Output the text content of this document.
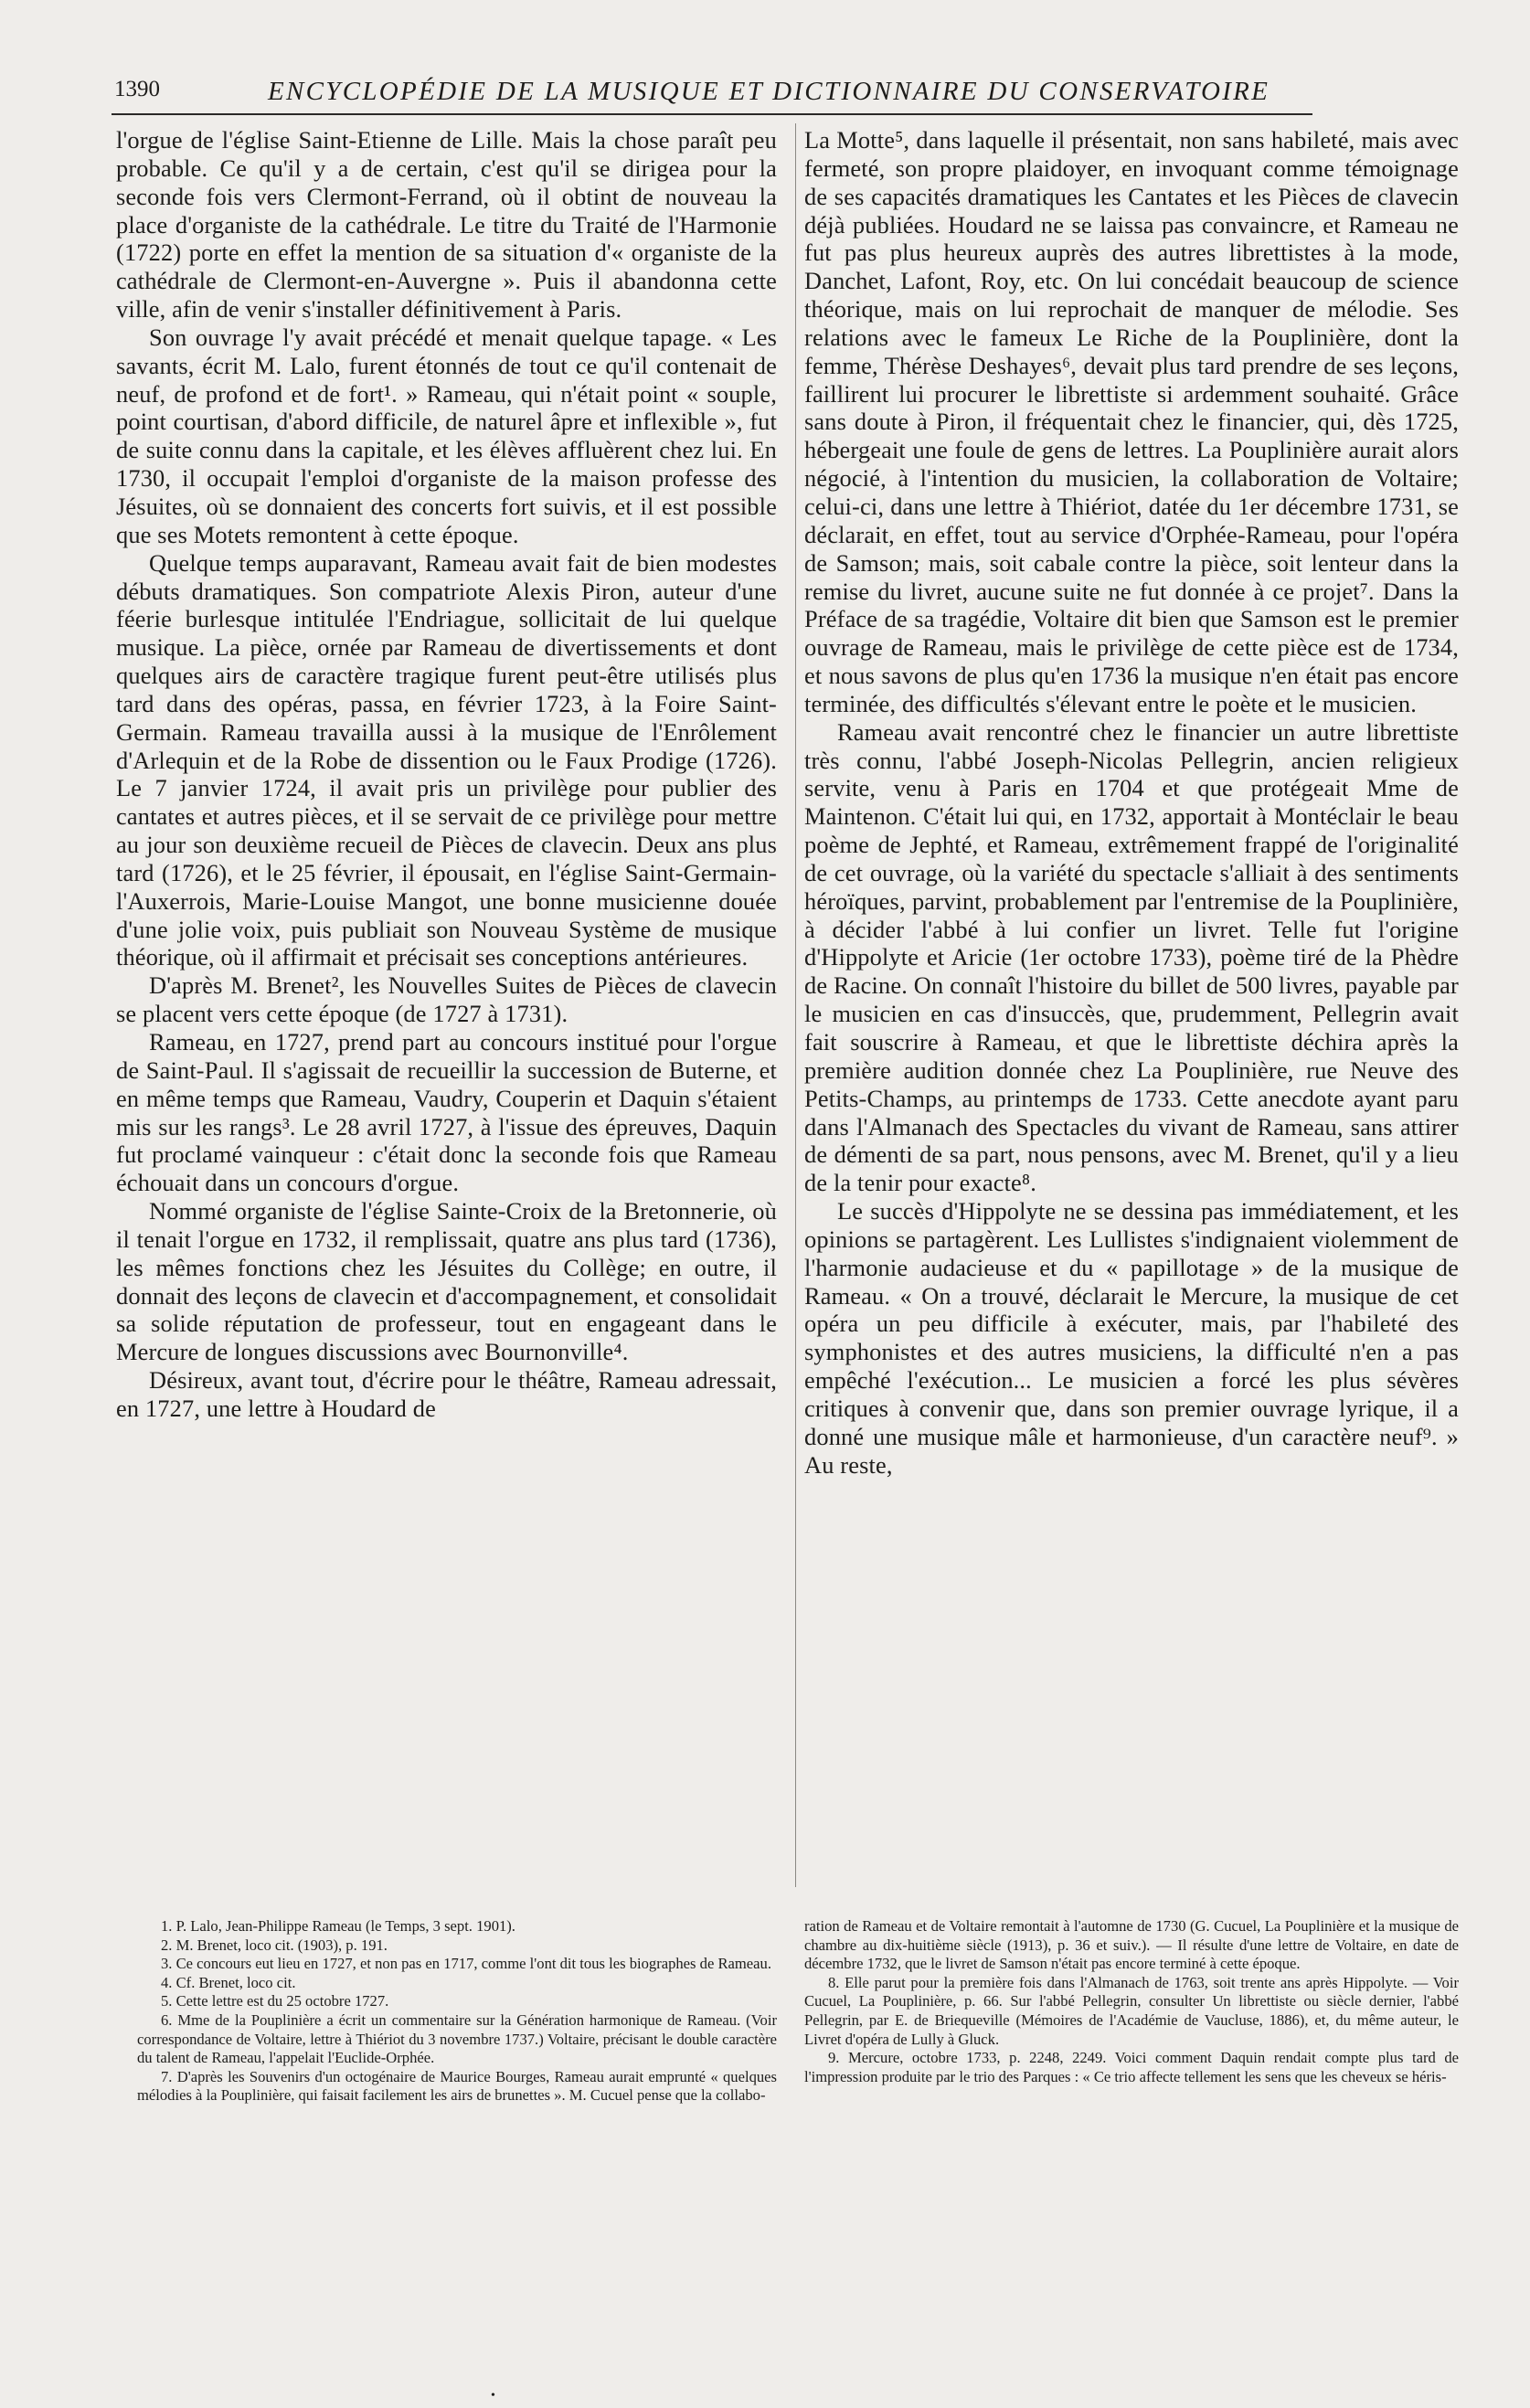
1390	ENCYCLOPÉDIE DE LA MUSIQUE ET DICTIONNAIRE DU CONSERVATOIRE

l'orgue de l'église Saint-Etienne de Lille. Mais la chose paraît peu probable. Ce qu'il y a de certain, c'est qu'il se dirigea pour la seconde fois vers Clermont-Ferrand, où il obtint de nouveau la place d'organiste de la cathédrale. Le titre du Traité de l'Harmonie (1722) porte en effet la mention de sa situation d'« organiste de la cathédrale de Clermont-en-Auvergne ». Puis il abandonna cette ville, afin de venir s'installer définitivement à Paris.

Son ouvrage l'y avait précédé et menait quelque tapage. « Les savants, écrit M. Lalo, furent étonnés de tout ce qu'il contenait de neuf, de profond et de fort¹. » Rameau, qui n'était point « souple, point courtisan, d'abord difficile, de naturel âpre et inflexible », fut de suite connu dans la capitale, et les élèves affluèrent chez lui. En 1730, il occupait l'emploi d'organiste de la maison professe des Jésuites, où se donnaient des concerts fort suivis, et il est possible que ses Motets remontent à cette époque.

Quelque temps auparavant, Rameau avait fait de bien modestes débuts dramatiques. Son compatriote Alexis Piron, auteur d'une féerie burlesque intitulée l'Endriague, sollicitait de lui quelque musique. La pièce, ornée par Rameau de divertissements et dont quelques airs de caractère tragique furent peut-être utilisés plus tard dans des opéras, passa, en février 1723, à la Foire Saint-Germain. Rameau travailla aussi à la musique de l'Enrôlement d'Arlequin et de la Robe de dissention ou le Faux Prodige (1726). Le 7 janvier 1724, il avait pris un privilège pour publier des cantates et autres pièces, et il se servait de ce privilège pour mettre au jour son deuxième recueil de Pièces de clavecin. Deux ans plus tard (1726), et le 25 février, il épousait, en l'église Saint-Germain-l'Auxerrois, Marie-Louise Mangot, une bonne musicienne douée d'une jolie voix, puis publiait son Nouveau Système de musique théorique, où il affirmait et précisait ses conceptions antérieures.

D'après M. Brenet², les Nouvelles Suites de Pièces de clavecin se placent vers cette époque (de 1727 à 1731).

Rameau, en 1727, prend part au concours institué pour l'orgue de Saint-Paul. Il s'agissait de recueillir la succession de Buterne, et en même temps que Rameau, Vaudry, Couperin et Daquin s'étaient mis sur les rangs³. Le 28 avril 1727, à l'issue des épreuves, Daquin fut proclamé vainqueur : c'était donc la seconde fois que Rameau échouait dans un concours d'orgue.

Nommé organiste de l'église Sainte-Croix de la Bretonnerie, où il tenait l'orgue en 1732, il remplissait, quatre ans plus tard (1736), les mêmes fonctions chez les Jésuites du Collège; en outre, il donnait des leçons de clavecin et d'accompagnement, et consolidait sa solide réputation de professeur, tout en engageant dans le Mercure de longues discussions avec Bournonville⁴.

Désireux, avant tout, d'écrire pour le théâtre, Rameau adressait, en 1727, une lettre à Houdard de

La Motte⁵, dans laquelle il présentait, non sans habileté, mais avec fermeté, son propre plaidoyer, en invoquant comme témoignage de ses capacités dramatiques les Cantates et les Pièces de clavecin déjà publiées. Houdard ne se laissa pas convaincre, et Rameau ne fut pas plus heureux auprès des autres librettistes à la mode, Danchet, Lafont, Roy, etc. On lui concédait beaucoup de science théorique, mais on lui reprochait de manquer de mélodie. Ses relations avec le fameux Le Riche de la Pouplinière, dont la femme, Thérèse Deshayes⁶, devait plus tard prendre de ses leçons, faillirent lui procurer le librettiste si ardemment souhaité. Grâce sans doute à Piron, il fréquentait chez le financier, qui, dès 1725, hébergeait une foule de gens de lettres. La Pouplinière aurait alors négocié, à l'intention du musicien, la collaboration de Voltaire; celui-ci, dans une lettre à Thiériot, datée du 1er décembre 1731, se déclarait, en effet, tout au service d'Orphée-Rameau, pour l'opéra de Samson; mais, soit cabale contre la pièce, soit lenteur dans la remise du livret, aucune suite ne fut donnée à ce projet⁷. Dans la Préface de sa tragédie, Voltaire dit bien que Samson est le premier ouvrage de Rameau, mais le privilège de cette pièce est de 1734, et nous savons de plus qu'en 1736 la musique n'en était pas encore terminée, des difficultés s'élevant entre le poète et le musicien.

Rameau avait rencontré chez le financier un autre librettiste très connu, l'abbé Joseph-Nicolas Pellegrin, ancien religieux servite, venu à Paris en 1704 et que protégeait Mme de Maintenon. C'était lui qui, en 1732, apportait à Montéclair le beau poème de Jephté, et Rameau, extrêmement frappé de l'originalité de cet ouvrage, où la variété du spectacle s'alliait à des sentiments héroïques, parvint, probablement par l'entremise de la Pouplinière, à décider l'abbé à lui confier un livret. Telle fut l'origine d'Hippolyte et Aricie (1er octobre 1733), poème tiré de la Phèdre de Racine. On connaît l'histoire du billet de 500 livres, payable par le musicien en cas d'insuccès, que, prudemment, Pellegrin avait fait souscrire à Rameau, et que le librettiste déchira après la première audition donnée chez La Pouplinière, rue Neuve des Petits-Champs, au printemps de 1733. Cette anecdote ayant paru dans l'Almanach des Spectacles du vivant de Rameau, sans attirer de démenti de sa part, nous pensons, avec M. Brenet, qu'il y a lieu de la tenir pour exacte⁸.

Le succès d'Hippolyte ne se dessina pas immédiatement, et les opinions se partagèrent. Les Lullistes s'indignaient violemment de l'harmonie audacieuse et du « papillotage » de la musique de Rameau. « On a trouvé, déclarait le Mercure, la musique de cet opéra un peu difficile à exécuter, mais, par l'habileté des symphonistes et des autres musiciens, la difficulté n'en a pas empêché l'exécution... Le musicien a forcé les plus sévères critiques à convenir que, dans son premier ouvrage lyrique, il a donné une musique mâle et harmonieuse, d'un caractère neuf⁹. » Au reste,

1. P. Lalo, Jean-Philippe Rameau (le Temps, 3 sept. 1901).

2. M. Brenet, loco cit. (1903), p. 191.

3. Ce concours eut lieu en 1727, et non pas en 1717, comme l'ont dit tous les biographes de Rameau.

4. Cf. Brenet, loco cit.

5. Cette lettre est du 25 octobre 1727.

6. Mme de la Pouplinière a écrit un commentaire sur la Génération harmonique de Rameau. (Voir correspondance de Voltaire, lettre à Thiériot du 3 novembre 1737.) Voltaire, précisant le double caractère du talent de Rameau, l'appelait l'Euclide-Orphée.

7. D'après les Souvenirs d'un octogénaire de Maurice Bourges, Rameau aurait emprunté « quelques mélodies à la Pouplinière, qui faisait facilement les airs de brunettes ». M. Cucuel pense que la collabo-

ration de Rameau et de Voltaire remontait à l'automne de 1730 (G. Cucuel, La Pouplinière et la musique de chambre au dix-huitième siècle (1913), p. 36 et suiv.). — Il résulte d'une lettre de Voltaire, en date de décembre 1732, que le livret de Samson n'était pas encore terminé à cette époque.

8. Elle parut pour la première fois dans l'Almanach de 1763, soit trente ans après Hippolyte. — Voir Cucuel, La Pouplinière, p. 66. Sur l'abbé Pellegrin, consulter Un librettiste ou siècle dernier, l'abbé Pellegrin, par E. de Briequeville (Mémoires de l'Académie de Vaucluse, 1886), et, du même auteur, le Livret d'opéra de Lully à Gluck.

9. Mercure, octobre 1733, p. 2248, 2249. Voici comment Daquin rendait compte plus tard de l'impression produite par le trio des Parques : « Ce trio affecte tellement les sens que les cheveux se héris-

•
